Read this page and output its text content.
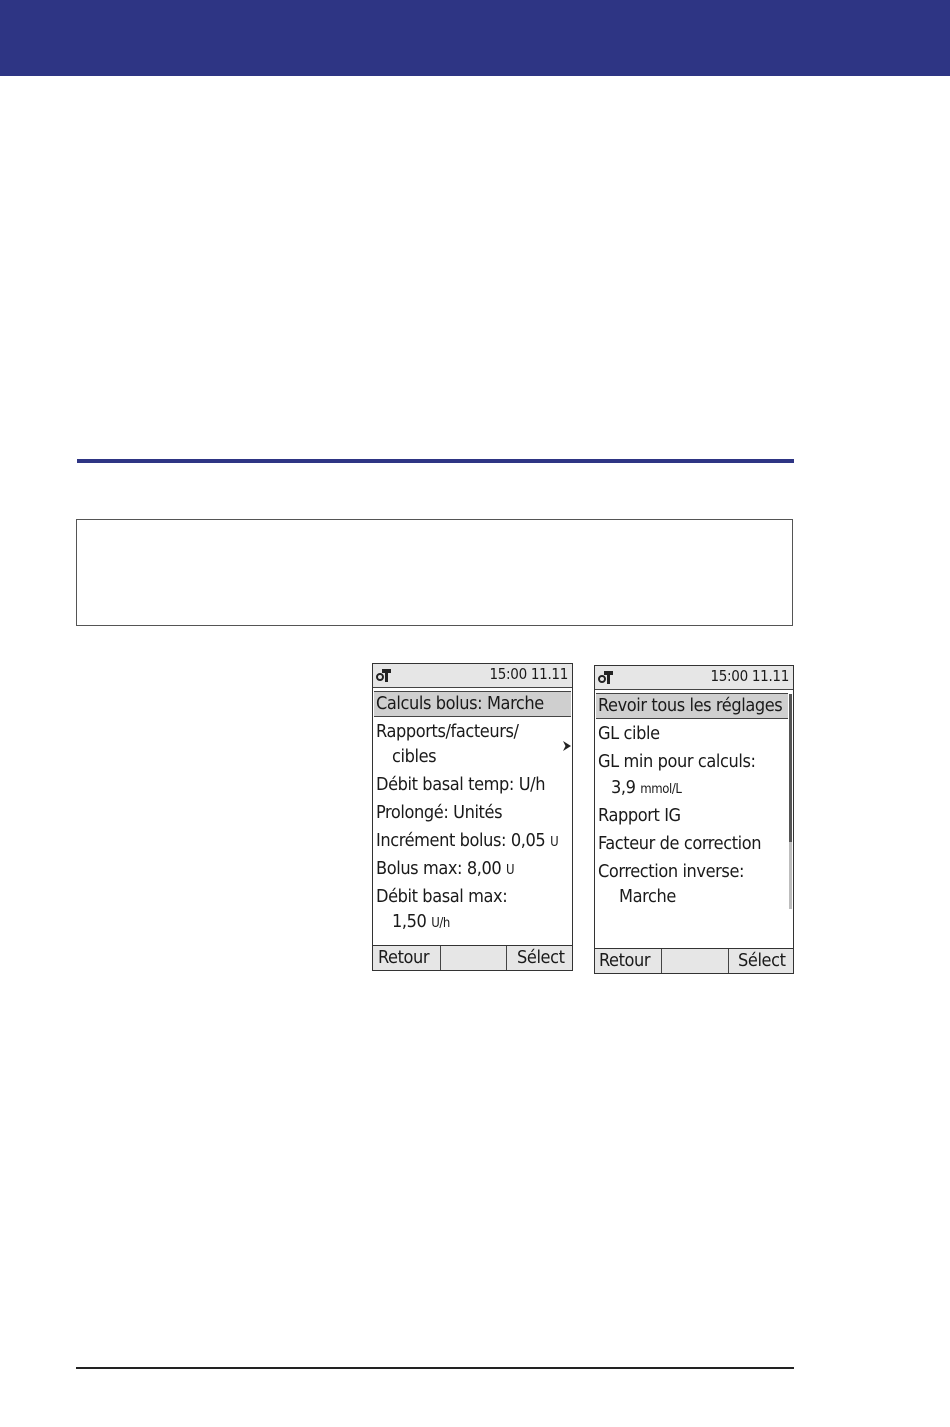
15:00 11.11
Calculs bolus: Marche
Rapports/facteurs/
cibles
Débit basal temp: U/h
Prolongé: Unités
Incrément bolus: 0,05 U
Bolus max: 8,00 U
Débit basal max:
1,50 U/h
Retour	Sélect
15:00 11.11
Revoir tous les réglages
GL cible
GL min pour calculs:
3,9 mmol/L
Rapport IG
Facteur de correction
Correction inverse:
Marche
Retour	Sélect
